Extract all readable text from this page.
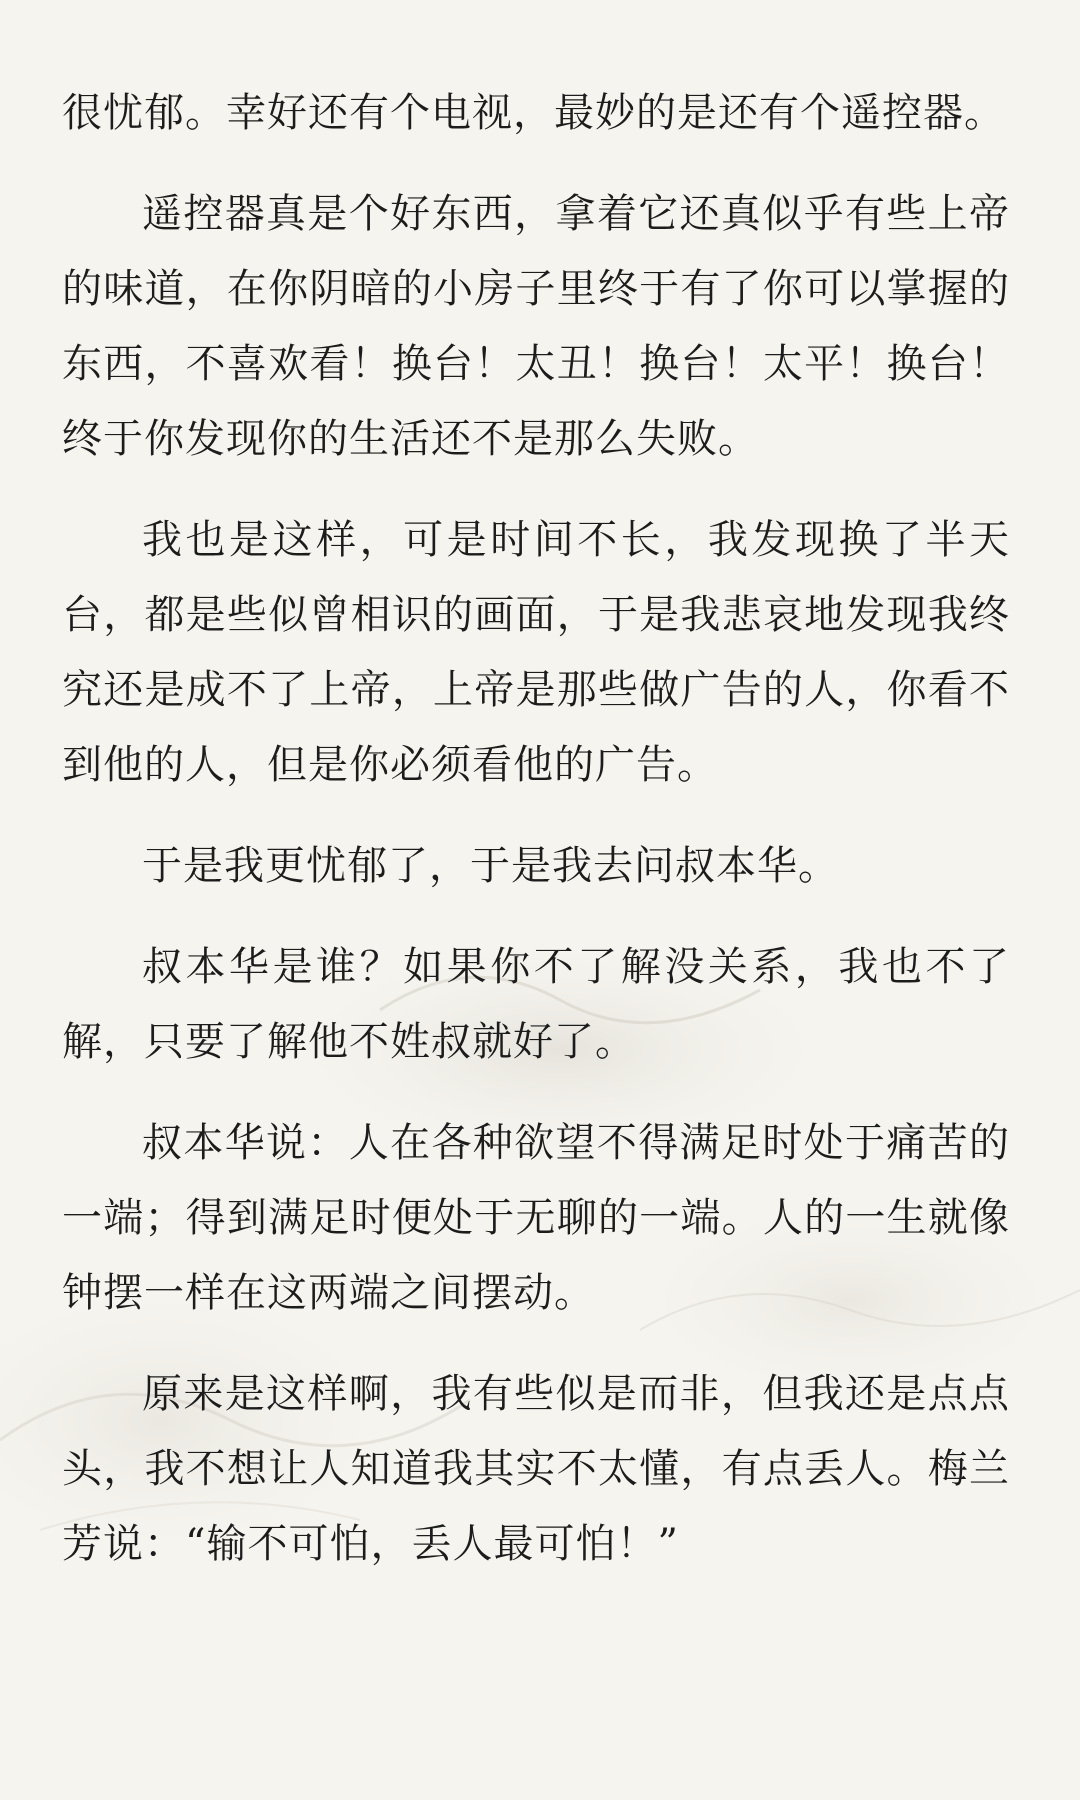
很忧郁。幸好还有个电视，最妙的是还有个遥控器。

遥控器真是个好东西，拿着它还真似乎有些上帝的味道，在你阴暗的小房子里终于有了你可以掌握的东西，不喜欢看！换台！太丑！换台！太平！换台！终于你发现你的生活还不是那么失败。

我也是这样，可是时间不长，我发现换了半天台，都是些似曾相识的画面，于是我悲哀地发现我终究还是成不了上帝，上帝是那些做广告的人，你看不到他的人，但是你必须看他的广告。

于是我更忧郁了，于是我去问叔本华。

叔本华是谁？如果你不了解没关系，我也不了解，只要了解他不姓叔就好了。

叔本华说：人在各种欲望不得满足时处于痛苦的一端；得到满足时便处于无聊的一端。人的一生就像钟摆一样在这两端之间摆动。

原来是这样啊，我有些似是而非，但我还是点点头，我不想让人知道我其实不太懂，有点丢人。梅兰芳说：“输不可怕，丢人最可怕！”
